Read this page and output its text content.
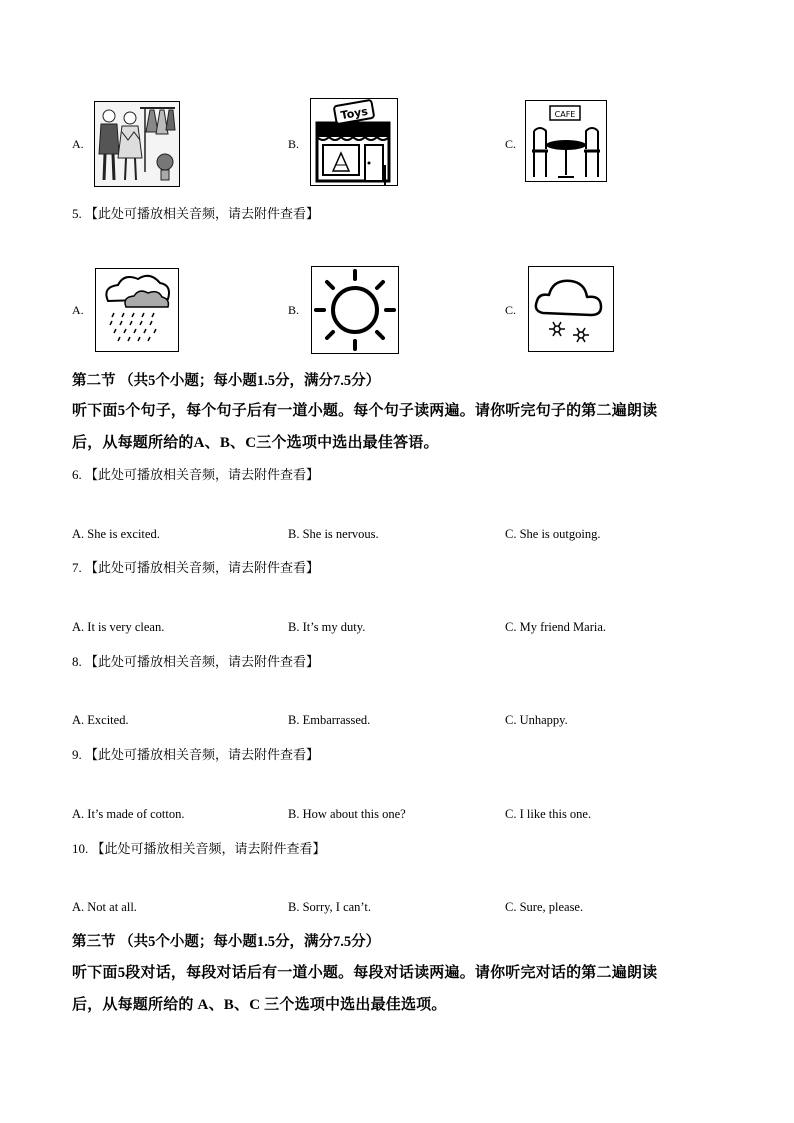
A.	B.
Toys
C.
CAFE
5. 【此处可播放相关音频，请去附件查看】
A.	B.	C.
第二节 （共5个小题；每小题1.5分，满分7.5分）
听下面5个句子，每个句子后有一道小题。每个句子读两遍。请你听完句子的第二遍朗读
后，从每题所给的A、B、C三个选项中选出最佳答语。
6. 【此处可播放相关音频，请去附件查看】
A. She is excited.	B. She is nervous.	C. She is outgoing.
7. 【此处可播放相关音频，请去附件查看】
A. It is very clean.	B. It’s my duty.	C. My friend Maria.
8. 【此处可播放相关音频，请去附件查看】
A. Excited.	B. Embarrassed.	C. Unhappy.
9. 【此处可播放相关音频，请去附件查看】
A. It’s made of cotton.	B. How about this one?	C. I like this one.
10. 【此处可播放相关音频，请去附件查看】
A. Not at all.	B. Sorry, I can’t.	C. Sure, please.
第三节 （共5个小题；每小题1.5分，满分7.5分）
听下面5段对话，每段对话后有一道小题。每段对话读两遍。请你听完对话的第二遍朗读
后，从每题所给的 A、B、C 三个选项中选出最佳选项。
